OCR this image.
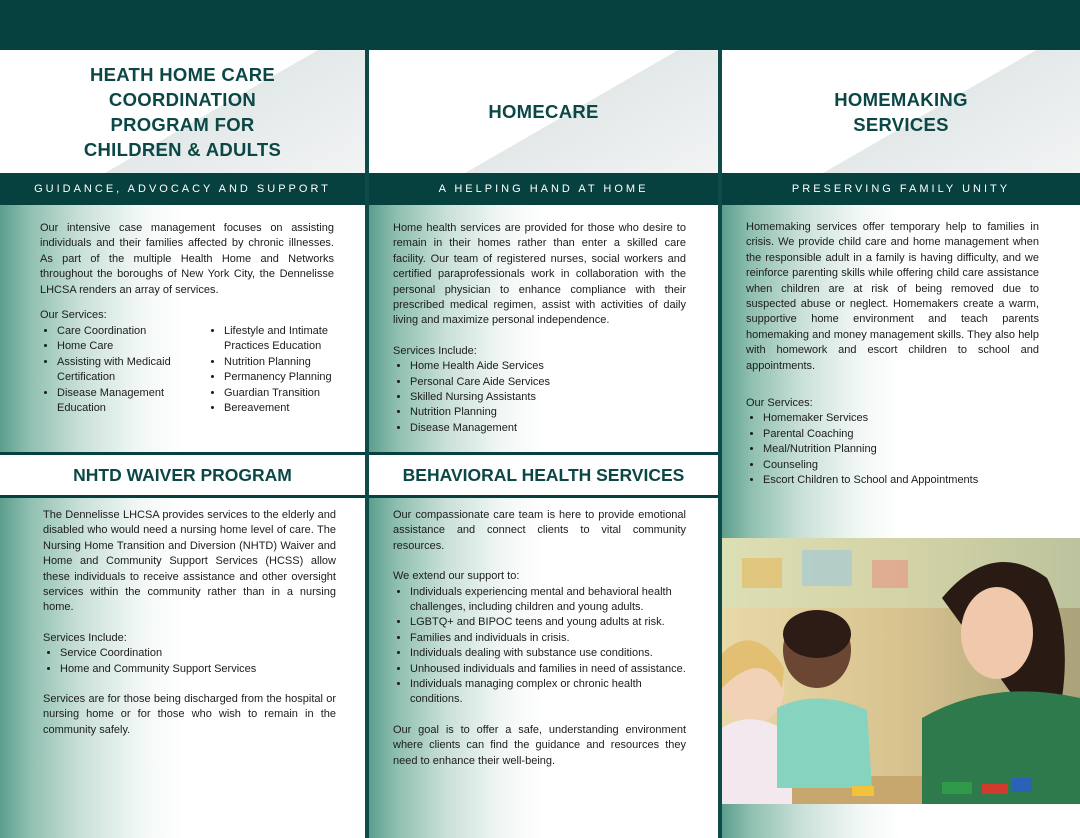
HEATH HOME CARE
COORDINATION
PROGRAM FOR
CHILDREN & ADULTS
GUIDANCE, ADVOCACY AND SUPPORT

Our intensive case management focuses on assisting individuals and their families affected by chronic illnesses. As part of the multiple Health Home and Networks throughout the boroughs of New York City, the Dennelisse LHCSA renders an array of services.

Our Services:

• Care Coordination
• Home Care
• Assisting with Medicaid Certification
• Disease Management Education
• Lifestyle and Intimate Practices Education
• Nutrition Planning
• Permanency Planning
• Guardian Transition
• Bereavement
NHTD WAIVER PROGRAM

The Dennelisse LHCSA provides services to the elderly and disabled who would need a nursing home level of care. The Nursing Home Transition and Diversion (NHTD) Waiver and Home and Community Support Services (HCSS) allow these individuals to receive assistance and other oversight services within the community rather than in a nursing home.

Services Include:

• Service Coordination
• Home and Community Support Services

Services are for those being discharged from the hospital or nursing home or for those who wish to remain in the community safely.

HOMECARE
A HELPING HAND AT HOME

Home health services are provided for those who desire to remain in their homes rather than enter a skilled care facility. Our team of registered nurses, social workers and certified paraprofessionals work in collaboration with the personal physician to enhance compliance with their prescribed medical regimen, assist with activities of daily living and maximize personal independence.

Services Include:

• Home Health Aide Services
• Personal Care Aide Services
• Skilled Nursing Assistants
• Nutrition Planning
• Disease Management
BEHAVIORAL HEALTH SERVICES

Our compassionate care team is here to provide emotional assistance and connect clients to vital community resources.

We extend our support to:

• Individuals experiencing mental and behavioral health challenges, including children and young adults.
• LGBTQ+ and BIPOC teens and young adults at risk.
• Families and individuals in crisis.
• Individuals dealing with substance use conditions.
• Unhoused individuals and families in need of assistance.
• Individuals managing complex or chronic health conditions.

Our goal is to offer a safe, understanding environment where clients can find the guidance and resources they need to enhance their well-being.

HOMEMAKING
SERVICES
PRESERVING FAMILY UNITY

Homemaking services offer temporary help to families in crisis. We provide child care and home management when the responsible adult in a family is having difficulty, and we reinforce parenting skills while offering child care assistance when children are at risk of being removed due to suspected abuse or neglect. Homemakers create a warm, supportive home environment and teach parents homemaking and money management skills. They also help with homework and escort children to school and appointments.

Our Services:

• Homemaker Services
• Parental Coaching
• Meal/Nutrition Planning
• Counseling
• Escort Children to School and Appointments
